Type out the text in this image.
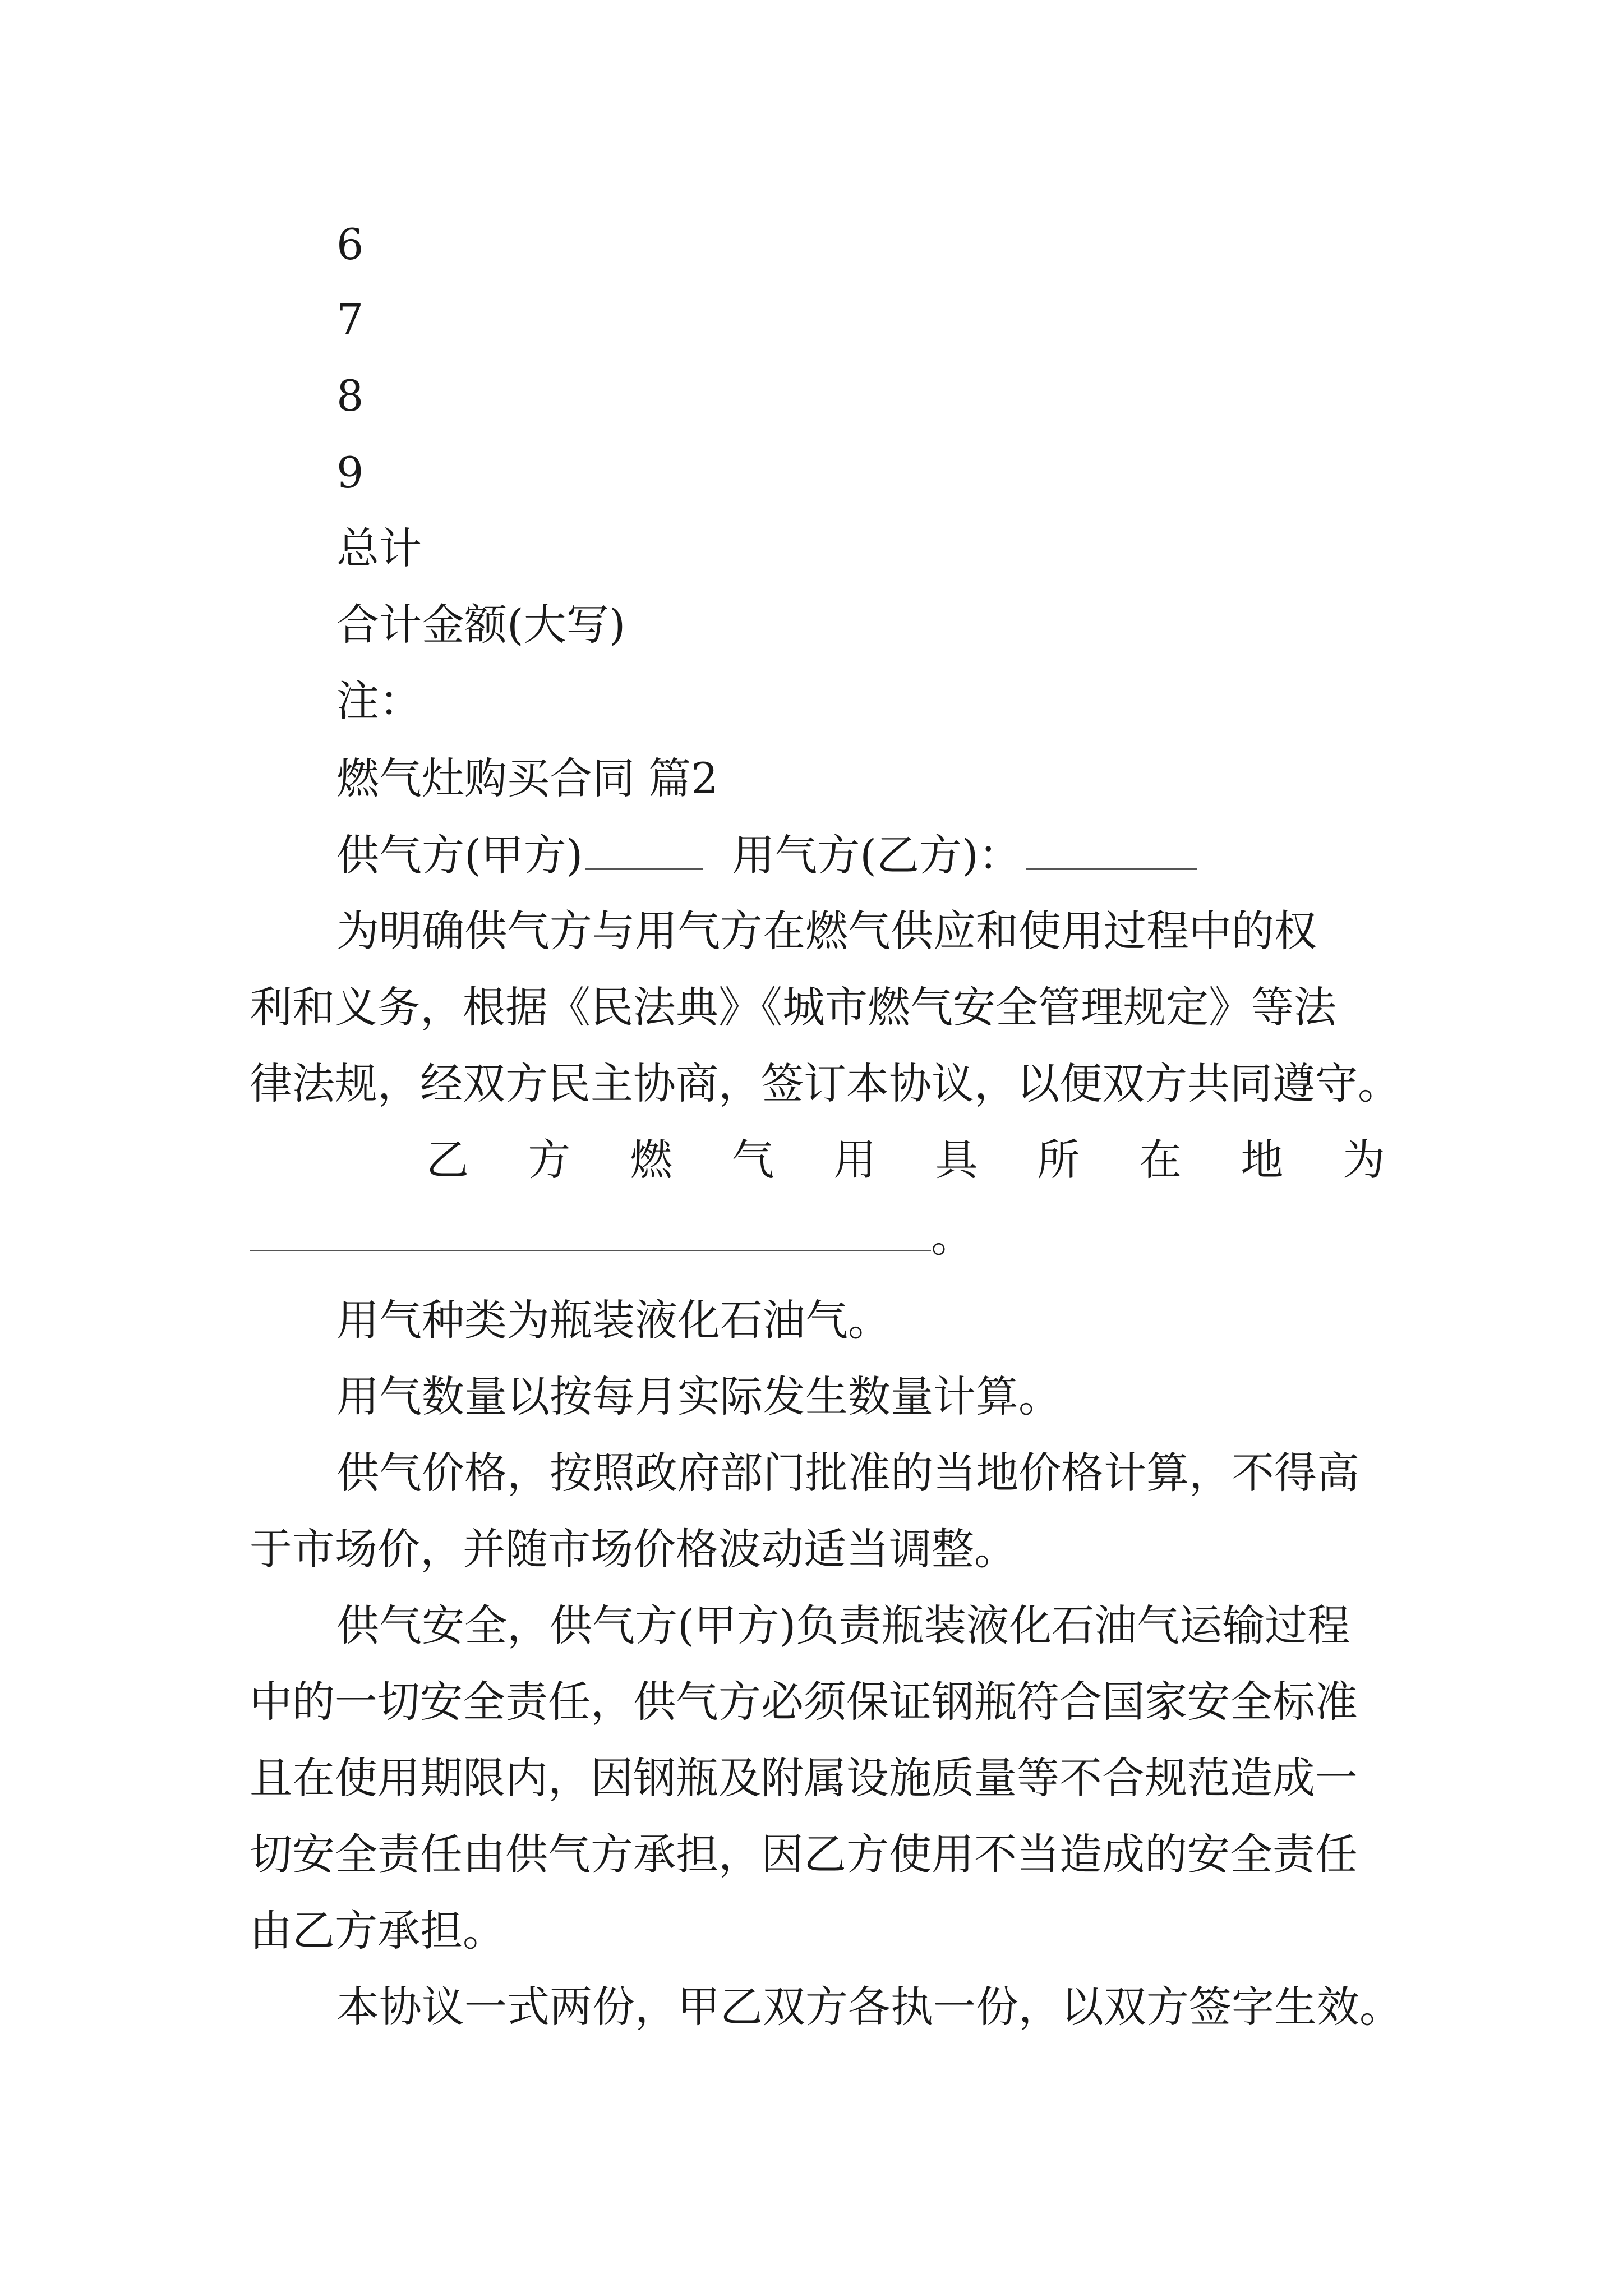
6
7
8
9
总计
合计金额(大写)
注：
燃气灶购买合同 篇2
供气方(甲方)	用气方(乙方)：
为明确供气方与用气方在燃气供应和使用过程中的权
利和义务，根据《民法典》《城市燃气安全管理规定》等法
律法规，经双方民主协商，签订本协议，以便双方共同遵守。
乙 方 燃 气 用 具 所 在 地 为
。
用气种类为瓶装液化石油气。
用气数量以按每月实际发生数量计算。
供气价格，按照政府部门批准的当地价格计算，不得高
于市场价，并随市场价格波动适当调整。
供气安全，供气方(甲方)负责瓶装液化石油气运输过程
中的一切安全责任，供气方必须保证钢瓶符合国家安全标准
且在使用期限内，因钢瓶及附属设施质量等不合规范造成一
切安全责任由供气方承担，因乙方使用不当造成的安全责任
由乙方承担。
本协议一式两份，甲乙双方各执一份，以双方签字生效。
